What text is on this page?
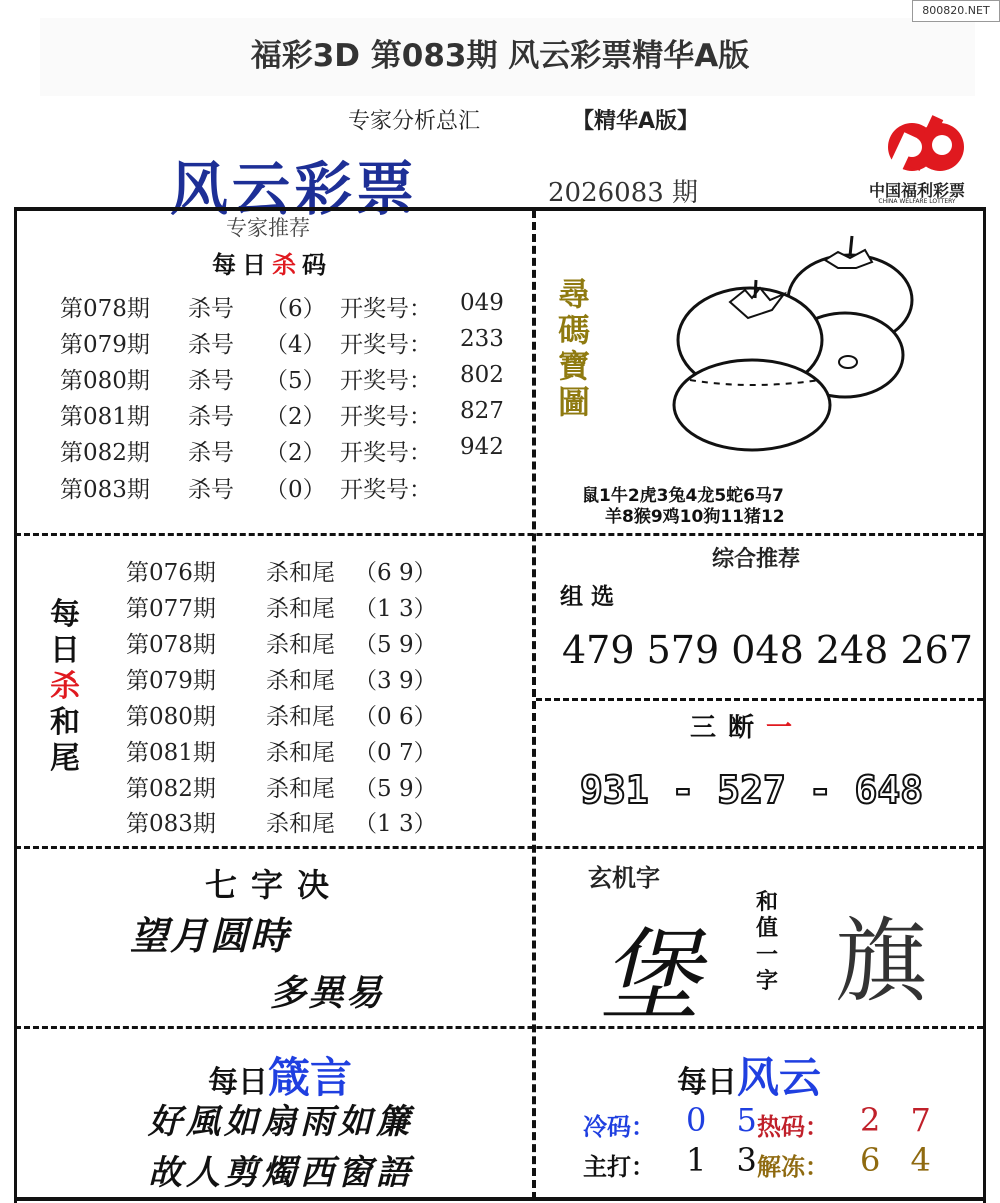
福彩3D 第083期 风云彩票精华A版
800820.NET
专家分析总汇	【精华A版】
风云彩票	2026083 期	中国福利彩票
CHINA WELFARE LOTTERY
专家推荐
每日杀码
第078期 杀号 （6） 开奖号： 049
第079期 杀号 （4） 开奖号： 233
第080期 杀号 （5） 开奖号： 802
第081期 杀号 （2） 开奖号： 827
第082期 杀号 （2） 开奖号： 942
第083期 杀号 （0） 开奖号：
尋
碼
寶
圖
鼠1牛2虎3兔4龙5蛇6马7
羊8猴9鸡10狗11猪12
每
日
杀
和
尾
第076期 杀和尾 （6 9）
第077期 杀和尾 （1 3）
第078期 杀和尾 （5 9）
第079期 杀和尾 （3 9）
第080期 杀和尾 （0 6）
第081期 杀和尾 （0 7）
第082期 杀和尾 （5 9）
第083期 杀和尾 （1 3）
综合推荐
组选
479 579 048 248 267
三断一
931 - 527 - 648
七字决
望月圆時
多異易
玄机字
堡
和
值
一
字 旗
每日箴言
好風如扇雨如簾
故人剪燭西窗語
每日风云
冷码： 0 5
热码： 2 7
主打： 1 3
解冻： 6 4
